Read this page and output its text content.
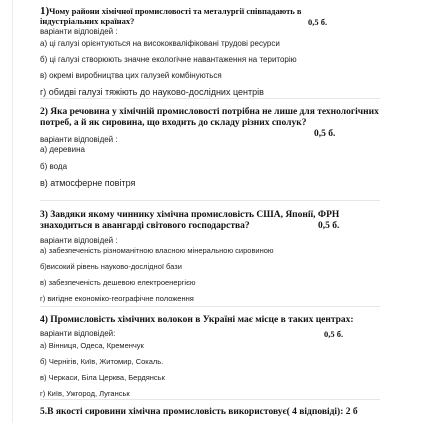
1)Чому райони хімічної промисловості та металургії співпадають в індустріальних країнах?
варіанти відповідей :
а) ці галузі орієнтуються на висококваліфіковані трудові ресурси
б) ці галузі створюють значне екологічне навантаження на територію
в) окремі виробництва цих галузей комбінуються
г) обидві галузі тяжіють до науково-дослідних центрів
0,5 б.
2) Яка речовина у хімічній промисловості потрібна не лише для технологічних потреб, а й як сировина, що входить до складу різних сполук?
варіанти відповідей :
а) деревина
б) вода
в) атмосферне повітря
0,5 б.
3) Завдяки якому чиннику хімічна промисловість США, Японії, ФРН знаходиться в авангарді світового господарства?
варіанти відповідей :
а) забезпеченість різноманітною власною мінеральною сировиною
б)високий рівень науково-дослідної бази
в) забезпеченість дешевою електроенергією
г) вигідне економіко-географічне положення
0,5 б.
4) Промисловість хімічних волокон в Україні має місце в таких центрах:
варіанти відповідей:
а) Вінниця, Одеса, Кременчук
б) Чернігів, Київ, Житомир, Сокаль.
в) Черкаси, Біла Церква, Бердянськ
г) Київ, Ужгород, Луганськ
0,5 б.
5.В якості сировини хімічна промисловість використовує( 4 відповіді): 2 б
